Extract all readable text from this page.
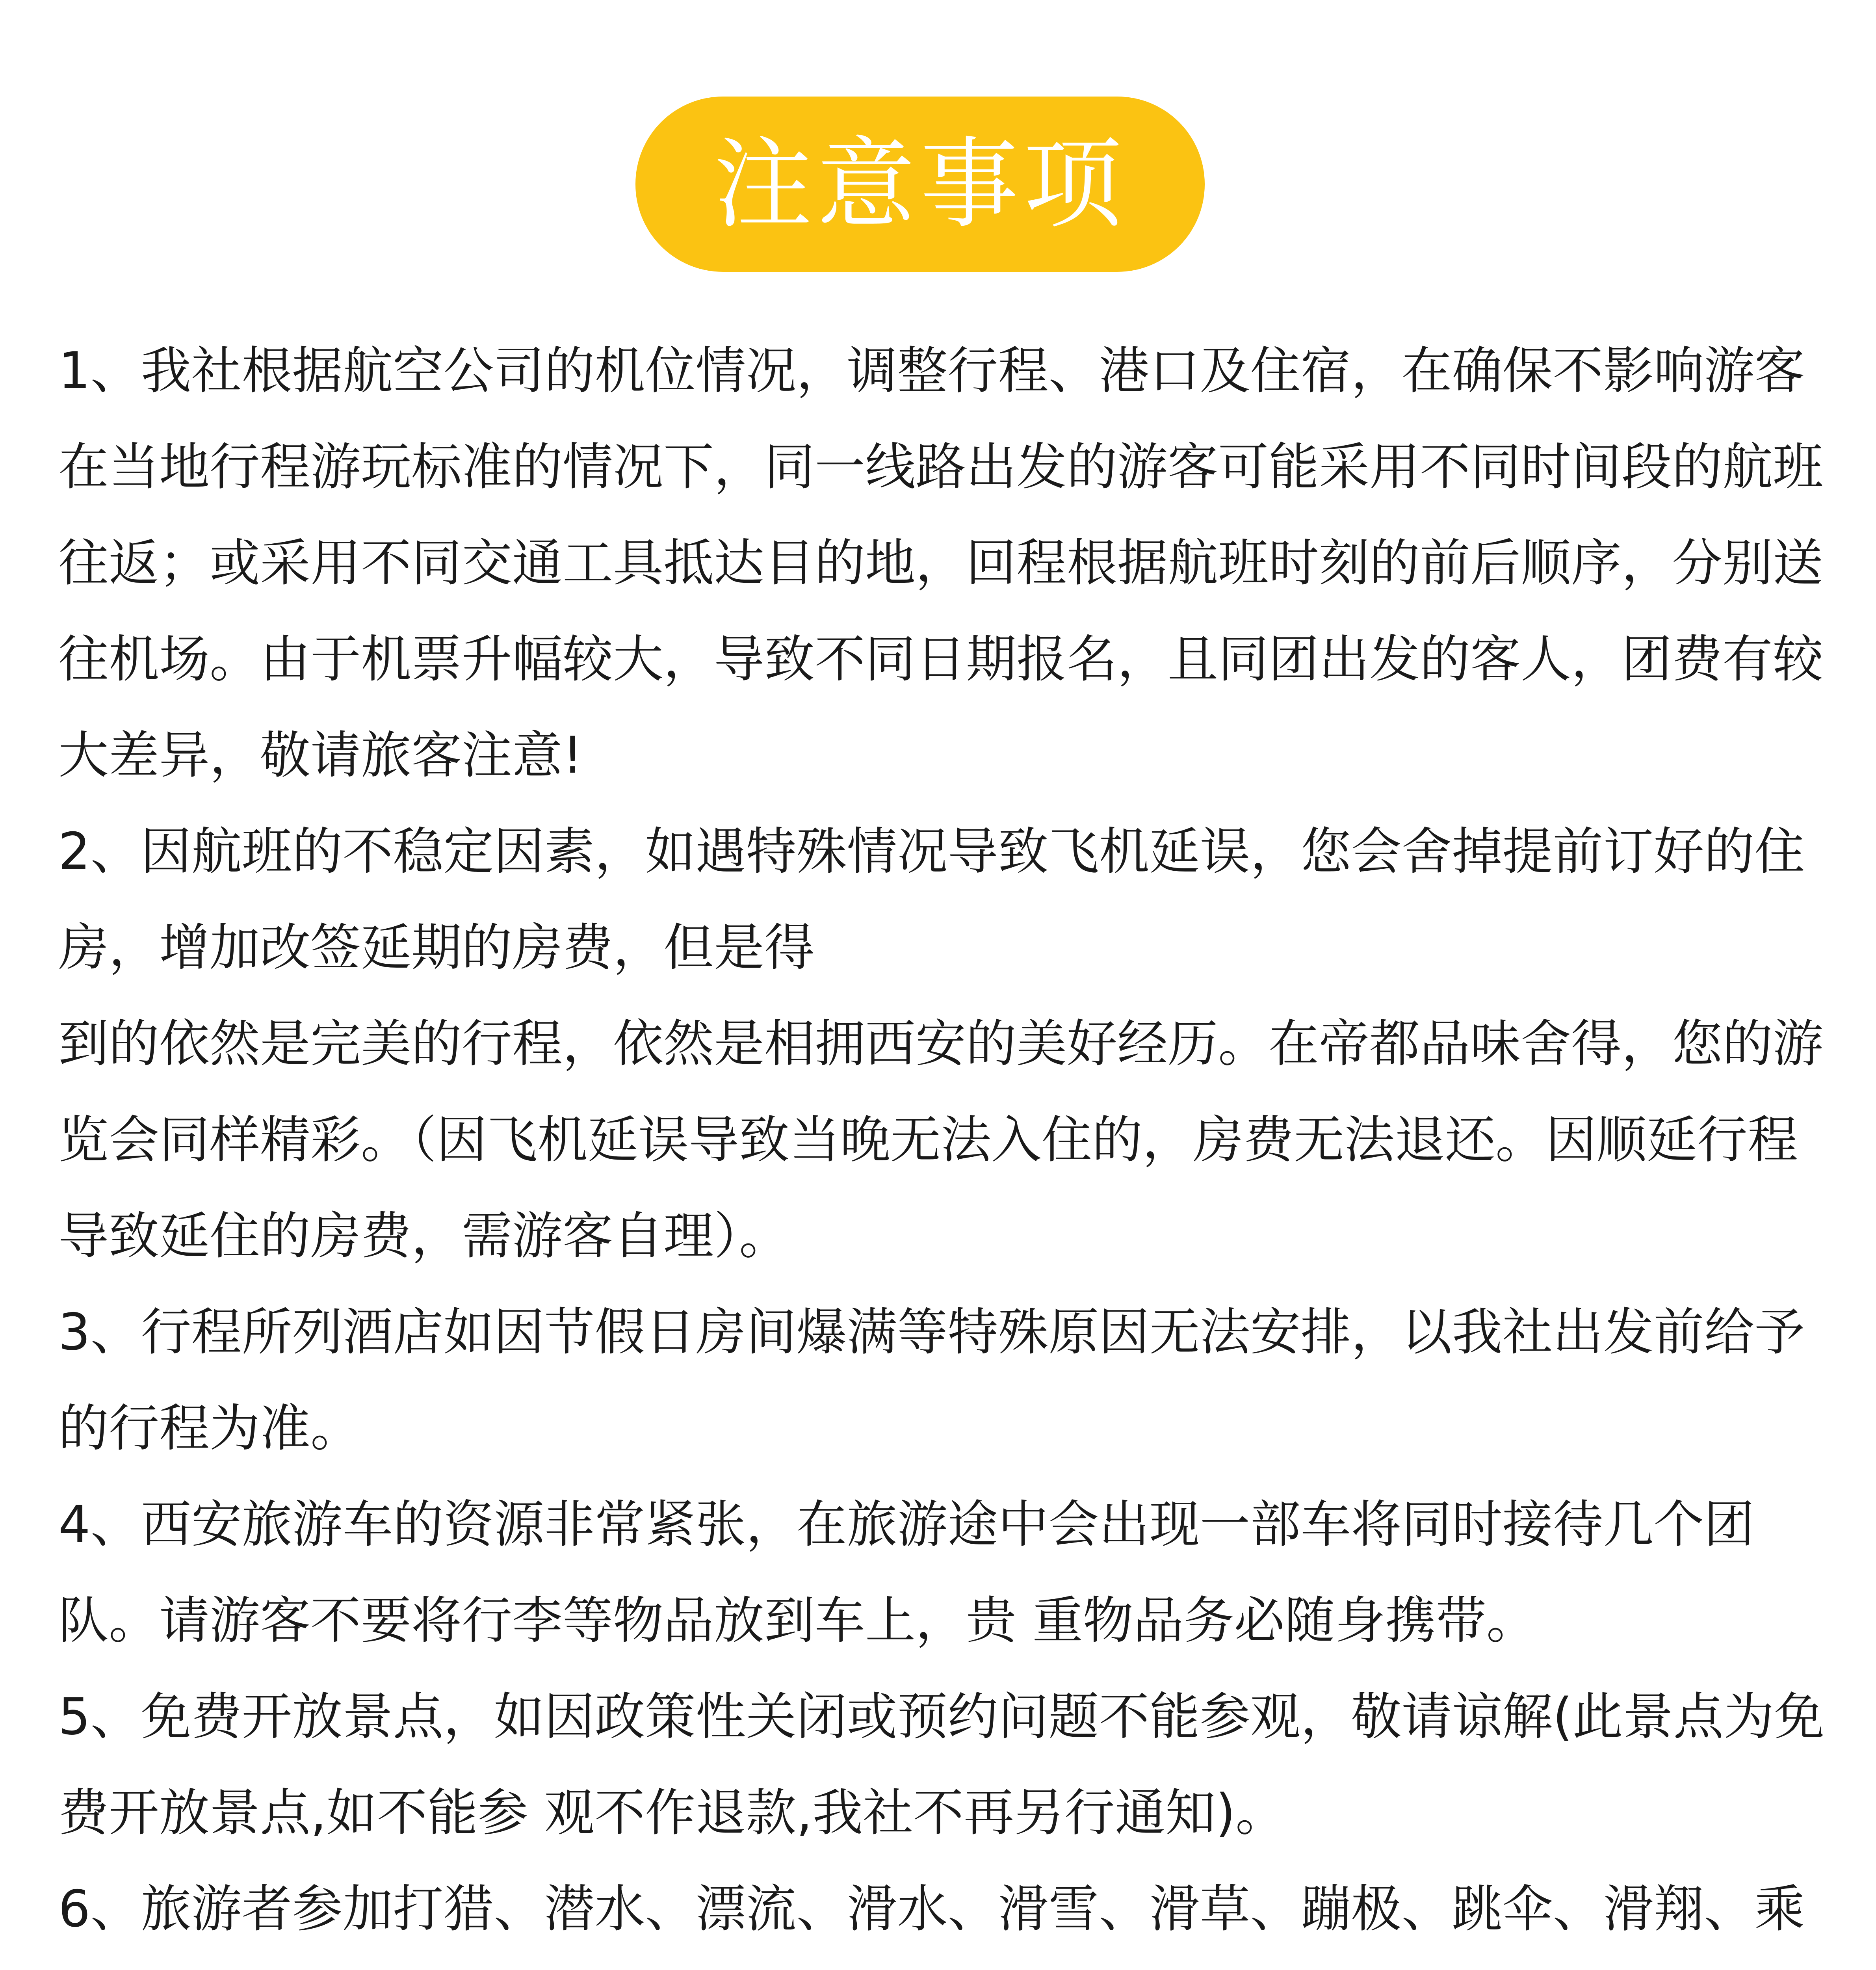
注意事项

1、我社根据航空公司的机位情况，调整行程、港口及住宿，在确保不影响游客在当地行程游玩标准的情况下，同一线路出发的游客可能采用不同时间段的航班往返；或采用不同交通工具抵达目的地，回程根据航班时刻的前后顺序，分别送往机场。由于机票升幅较大，导致不同日期报名，且同团出发的客人，团费有较大差异，敬请旅客注意!

2、因航班的不稳定因素，如遇特殊情况导致飞机延误，您会舍掉提前订好的住房，增加改签延期的房费，但是得

到的依然是完美的行程，依然是相拥西安的美好经历。在帝都品味舍得，您的游览会同样精彩。（因飞机延误导致当晚无法入住的，房费无法退还。因顺延行程导致延住的房费，需游客自理）。

3、行程所列酒店如因节假日房间爆满等特殊原因无法安排，以我社出发前给予的行程为准。

4、西安旅游车的资源非常紧张，在旅游途中会出现一部车将同时接待几个团队。请游客不要将行李等物品放到车上，贵 重物品务必随身携带。

5、免费开放景点，如因政策性关闭或预约问题不能参观，敬请谅解(此景点为免费开放景点,如不能参 观不作退款,我社不再另行通知)。

6、旅游者参加打猎、潜水、漂流、滑水、滑雪、滑草、蹦极、跳伞、滑翔、乘
